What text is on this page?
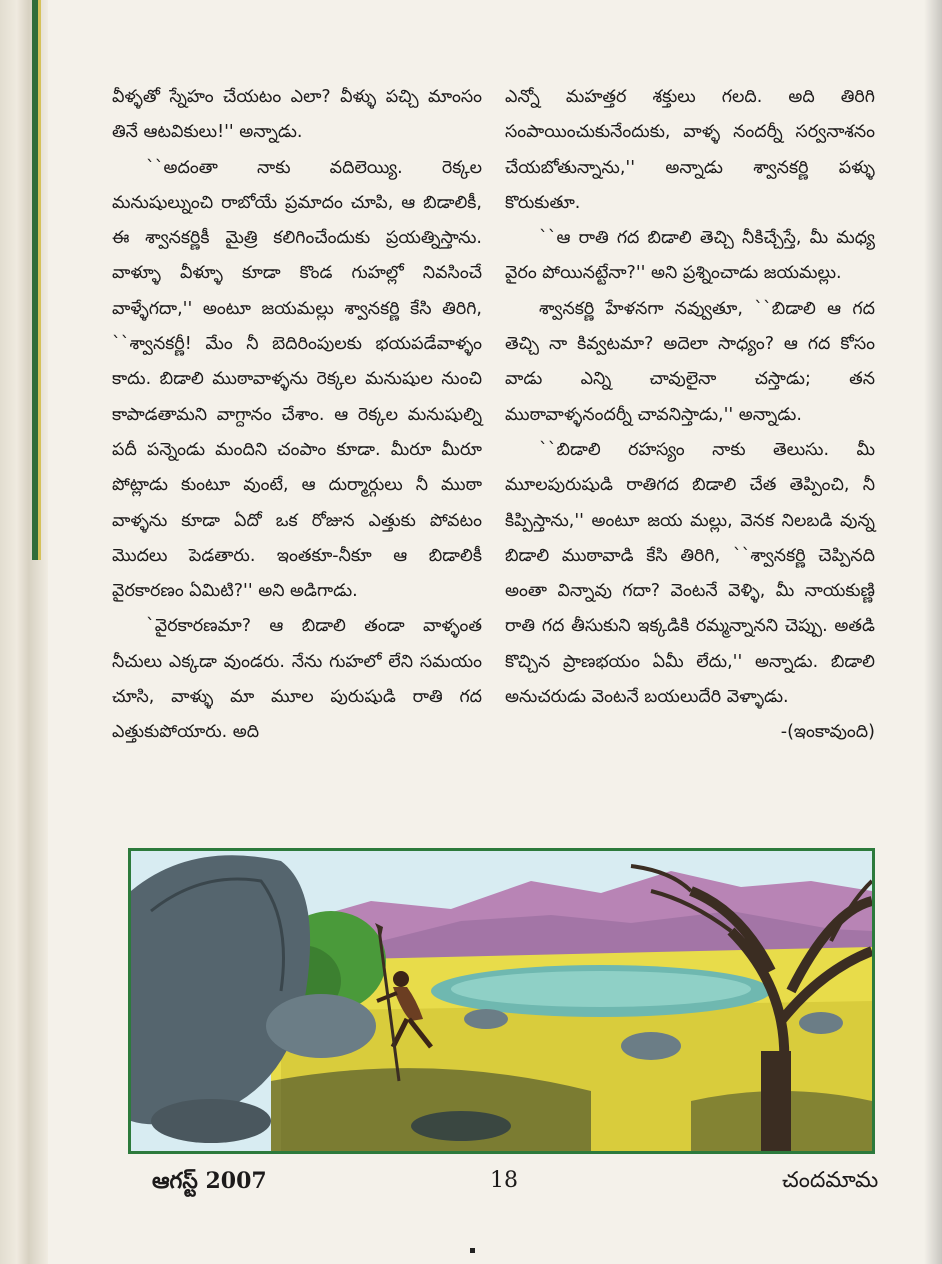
వీళ్ళతో స్నేహం చేయటం ఎలా? వీళ్ళు పచ్చి మాంసం తినే ఆటవికులు!'' అన్నాడు.

``అదంతా నాకు వదిలెయ్యి. రెక్కల మనుషుల్నుంచి రాబోయే ప్రమాదం చూపి, ఆ బిడాలికీ, ఈ శ్వానకర్ణికీ మైత్రి కలిగించేందుకు ప్రయత్నిస్తాను. వాళ్ళూ వీళ్ళూ కూడా కొండ గుహల్లో నివసించే వాళ్ళేగదా,'' అంటూ జయమల్లు శ్వానకర్ణి కేసి తిరిగి, ``శ్వానకర్ణీ! మేం నీ బెదిరింపులకు భయపడేవాళ్ళం కాదు. బిడాలి ముఠావాళ్ళను రెక్కల మనుషుల నుంచి కాపాడతామని వాగ్దానం చేశాం. ఆ రెక్కల మనుషుల్ని పదీ పన్నెండు మందిని చంపాం కూడా. మీరూ మీరూ పోట్లాడు కుంటూ వుంటే, ఆ దుర్మార్గులు నీ ముఠా వాళ్ళను కూడా ఏదో ఒక రోజున ఎత్తుకు పోవటం మొదలు పెడతారు. ఇంతకూ-నీకూ ఆ బిడాలికీ వైరకారణం ఏమిటి?'' అని అడిగాడు.

`వైరకారణమా? ఆ బిడాలి తండా వాళ్ళంత నీచులు ఎక్కడా వుండరు. నేను గుహలో లేని సమయం చూసి, వాళ్ళు మా మూల పురుషుడి రాతి గద ఎత్తుకుపోయారు. అది

ఎన్నో మహత్తర శక్తులు గలది. అది తిరిగి సంపాయించుకునేందుకు, వాళ్ళ నందర్నీ సర్వనాశనం చేయబోతున్నాను,'' అన్నాడు శ్వానకర్ణి పళ్ళు కొరుకుతూ.

``ఆ రాతి గద బిడాలి తెచ్చి నీకిచ్చేస్తే, మీ మధ్య వైరం పోయినట్టేనా?'' అని ప్రశ్నించాడు జయమల్లు.

శ్వానకర్ణి హేళనగా నవ్వుతూ, ``బిడాలి ఆ గద తెచ్చి నా కివ్వటమా? అదెలా సాధ్యం? ఆ గద కోసం వాడు ఎన్ని చావులైనా చస్తాడు; తన ముఠావాళ్ళనందర్నీ చావనిస్తాడు,'' అన్నాడు.

``బిడాలి రహస్యం నాకు తెలుసు. మీ మూలపురుషుడి రాతిగద బిడాలి చేత తెప్పించి, నీ కిప్పిస్తాను,'' అంటూ జయ మల్లు, వెనక నిలబడి వున్న బిడాలి ముఠావాడి కేసి తిరిగి, ``శ్వానకర్ణి చెప్పినది అంతా విన్నావు గదా? వెంటనే వెళ్ళి, మీ నాయకుణ్ణి రాతి గద తీసుకుని ఇక్కడికి రమ్మన్నానని చెప్పు. అతడి కొచ్చిన ప్రాణభయం ఏమీ లేదు,'' అన్నాడు. బిడాలి అనుచరుడు వెంటనే బయలుదేరి వెళ్ళాడు.
-(ఇంకావుంది)

ఆగస్ట్ 2007	18	చందమామ
